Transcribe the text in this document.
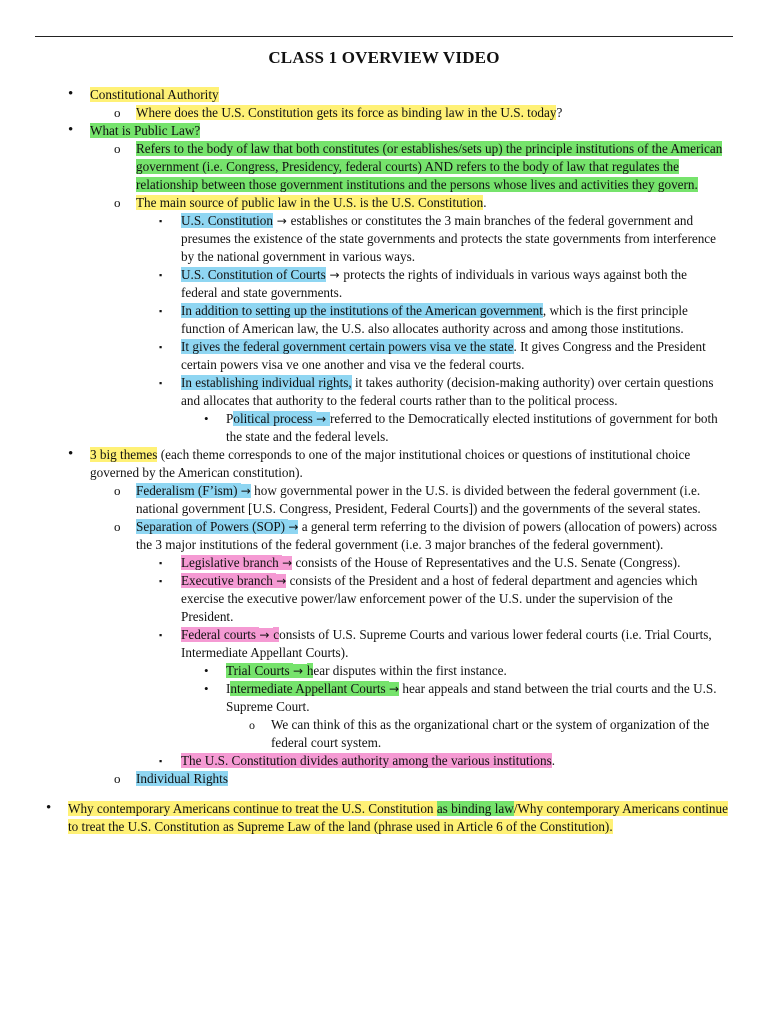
CLASS 1 OVERVIEW VIDEO
• Constitutional Authority
o Where does the U.S. Constitution gets its force as binding law in the U.S. today?
• What is Public Law?
o Refers to the body of law that both constitutes (or establishes/sets up) the principle institutions of the American government (i.e. Congress, Presidency, federal courts) AND refers to the body of law that regulates the relationship between those government institutions and the persons whose lives and activities they govern.
o The main source of public law in the U.S. is the U.S. Constitution.
▪ U.S. Constitution → establishes or constitutes the 3 main branches of the federal government and presumes the existence of the state governments and protects the state governments from interference by the national government in various ways.
▪ U.S. Constitution of Courts → protects the rights of individuals in various ways against both the federal and state governments.
▪ In addition to setting up the institutions of the American government, which is the first principle function of American law, the U.S. also allocates authority across and among those institutions.
▪ It gives the federal government certain powers visa ve the state. It gives Congress and the President certain powers visa ve one another and visa ve the federal courts.
▪ In establishing individual rights, it takes authority (decision-making authority) over certain questions and allocates that authority to the federal courts rather than to the political process.
• Political process → referred to the Democratically elected institutions of government for both the state and the federal levels.
• 3 big themes (each theme corresponds to one of the major institutional choices or questions of institutional choice governed by the American constitution).
o Federalism (F’ism) → how governmental power in the U.S. is divided between the federal government (i.e. national government [U.S. Congress, President, Federal Courts]) and the governments of the several states.
o Separation of Powers (SOP) → a general term referring to the division of powers (allocation of powers) across the 3 major institutions of the federal government (i.e. 3 major branches of the federal government).
▪ Legislative branch → consists of the House of Representatives and the U.S. Senate (Congress).
▪ Executive branch → consists of the President and a host of federal department and agencies which exercise the executive power/law enforcement power of the U.S. under the supervision of the President.
▪ Federal courts → consists of U.S. Supreme Courts and various lower federal courts (i.e. Trial Courts, Intermediate Appellant Courts).
• Trial Courts → hear disputes within the first instance.
• Intermediate Appellant Courts → hear appeals and stand between the trial courts and the U.S. Supreme Court.
o We can think of this as the organizational chart or the system of organization of the federal court system.
▪ The U.S. Constitution divides authority among the various institutions.
o Individual Rights
• Why contemporary Americans continue to treat the U.S. Constitution as binding law/Why contemporary Americans continue to treat the U.S. Constitution as Supreme Law of the land (phrase used in Article 6 of the Constitution).
